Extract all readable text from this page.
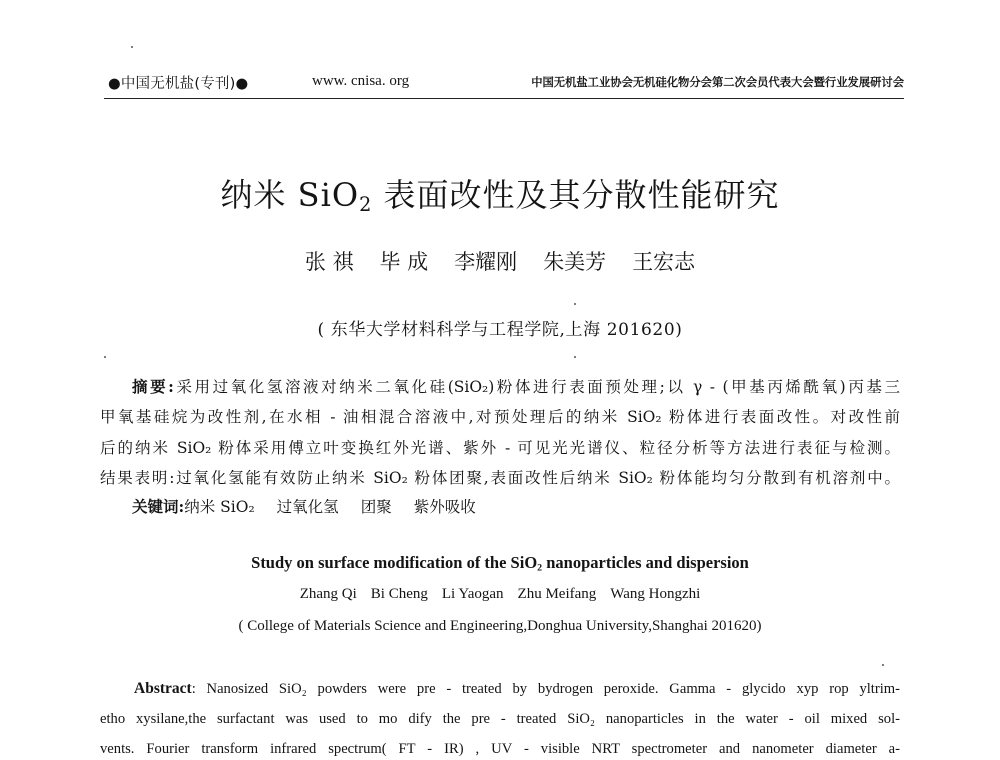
●中国无机盐(专刊)●	www. cnisa. org	中国无机盐工业协会无机硅化物分会第二次会员代表大会暨行业发展研讨会
纳米 SiO$_2$ 表面改性及其分散性能研究
张 祺 毕 成 李耀刚 朱美芳 王宏志
( 东华大学材料科学与工程学院,上海 201620)
摘要:采用过氧化氢溶液对纳米二氧化硅(SiO₂)粉体进行表面预处理;以 γ - (甲基丙烯酰氧)丙基三
甲氧基硅烷为改性剂,在水相 - 油相混合溶液中,对预处理后的纳米 SiO₂ 粉体进行表面改性。对改性前
后的纳米 SiO₂ 粉体采用傅立叶变换红外光谱、紫外 - 可见光光谱仪、粒径分析等方法进行表征与检测。
结果表明:过氧化氢能有效防止纳米 SiO₂ 粉体团聚,表面改性后纳米 SiO₂ 粉体能均匀分散到有机溶剂中。
关键词:纳米 SiO₂ 过氧化氢 团聚 紫外吸收
Study on surface modification of the SiO$_2$ nanoparticles and dispersion
Zhang Qi Bi Cheng Li Yaogan Zhu Meifang Wang Hongzhi
( College of Materials Science and Engineering,Donghua University,Shanghai 201620)
Abstract: Nanosized SiO₂ powders were pre - treated by bydrogen peroxide. Gamma - glycido xyp rop yltrim-
etho xysilane,the surfactant was used to mo dify the pre - treated SiO₂ nanoparticles in the water - oil mixed sol-
vents. Fourier transform infrared spectrum( FT - IR) , UV - visible NRT spectrometer and nanometer diameter a-
